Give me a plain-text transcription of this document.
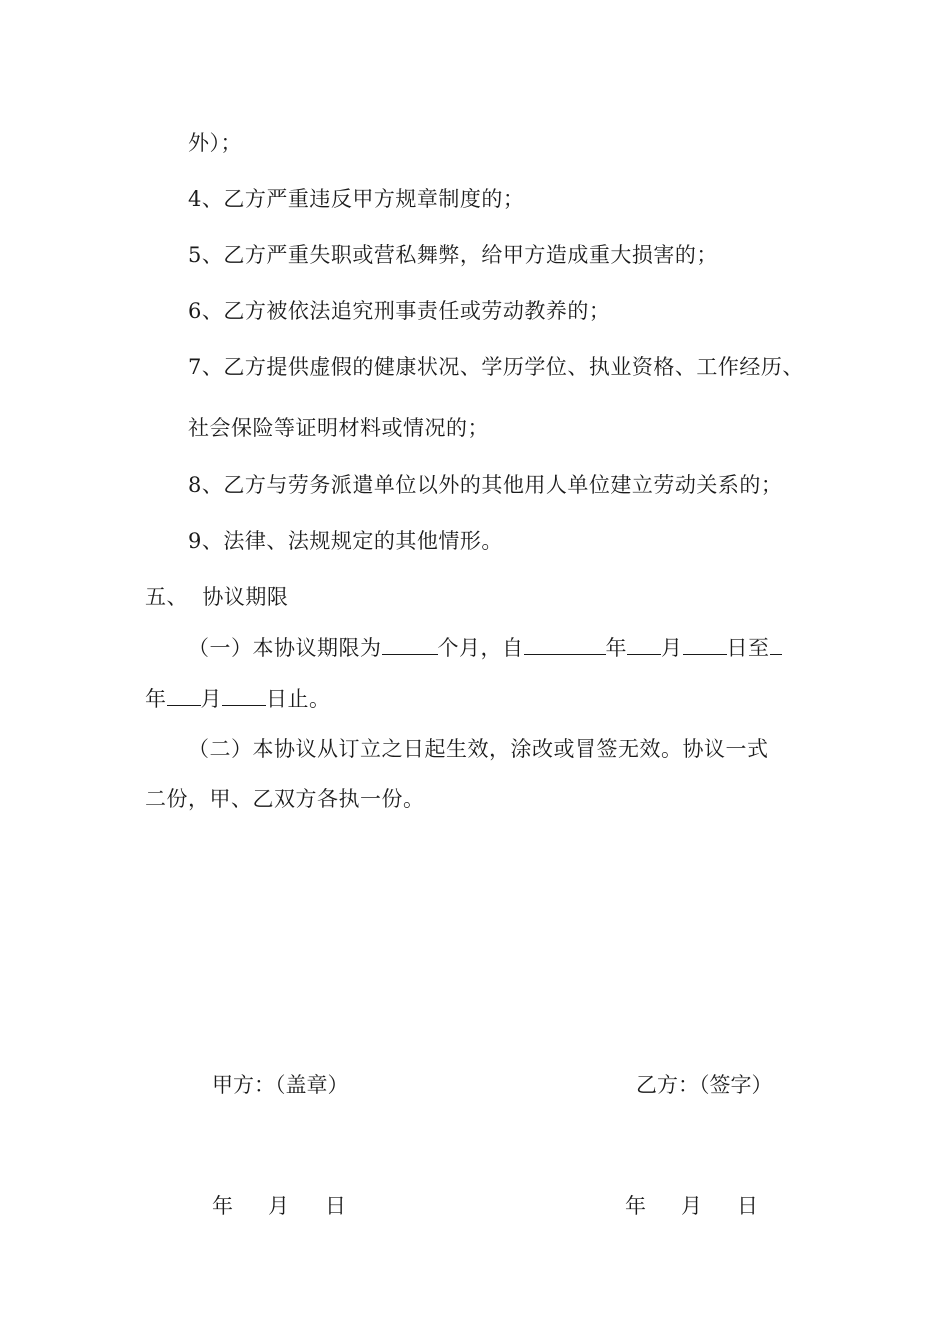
外）；
4、乙方严重违反甲方规章制度的；
5、乙方严重失职或营私舞弊，给甲方造成重大损害的；
6、乙方被依法追究刑事责任或劳动教养的；
7、乙方提供虚假的健康状况、学历学位、执业资格、工作经历、
社会保险等证明材料或情况的；
8、乙方与劳务派遣单位以外的其他用人单位建立劳动关系的；
9、法律、法规规定的其他情形。
五、  协议期限
（一）本协议期限为	个月，自	年 月 日至
年 月 日止。
（二）本协议从订立之日起生效，涂改或冒签无效。协议一式
二份，甲、乙双方各执一份。
甲方：（盖章）	乙方：（签字）
年 月 日	年 月 日
